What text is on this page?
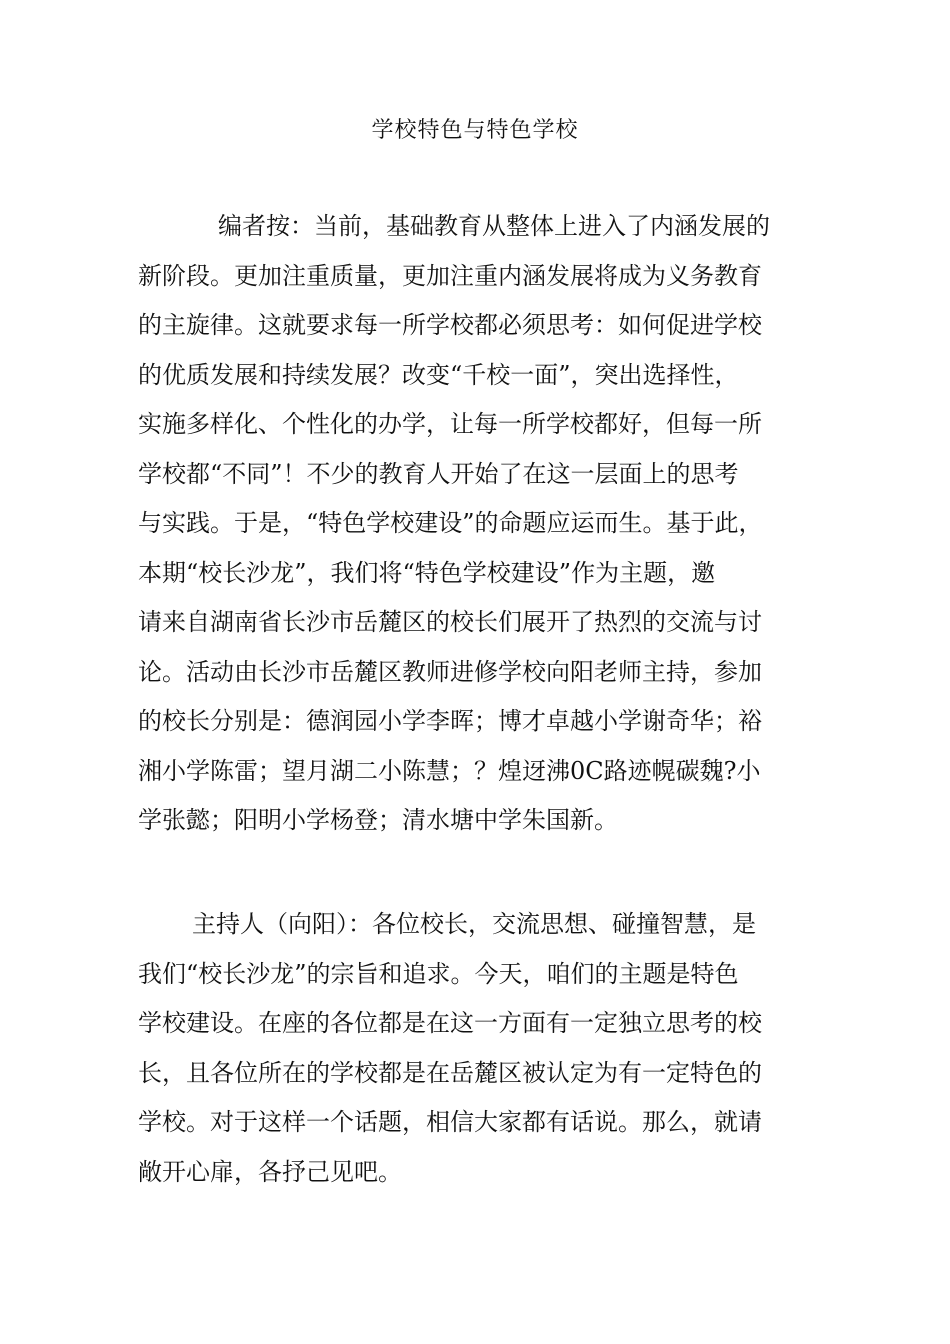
学校特色与特色学校
编者按：当前，基础教育从整体上进入了内涵发展的
新阶段。更加注重质量，更加注重内涵发展将成为义务教育
的主旋律。这就要求每一所学校都必须思考：如何促进学校
的优质发展和持续发展？改变“千校一面”，突出选择性，
实施多样化、个性化的办学，让每一所学校都好，但每一所
学校都“不同”！不少的教育人开始了在这一层面上的思考
与实践。于是，“特色学校建设”的命题应运而生。基于此，
本期“校长沙龙”，我们将“特色学校建设”作为主题，邀
请来自湖南省长沙市岳麓区的校长们展开了热烈的交流与讨
论。活动由长沙市岳麓区教师进修学校向阳老师主持，参加
的校长分别是：德润园小学李晖；博才卓越小学谢奇华；裕
湘小学陈雷；望月湖二小陈慧；？煌迓沸0C路迹幌碳魏?小
学张懿；阳明小学杨登；清水塘中学朱国新。
主持人（向阳）：各位校长，交流思想、碰撞智慧，是
我们“校长沙龙”的宗旨和追求。今天，咱们的主题是特色
学校建设。在座的各位都是在这一方面有一定独立思考的校
长，且各位所在的学校都是在岳麓区被认定为有一定特色的
学校。对于这样一个话题，相信大家都有话说。那么，就请
敞开心扉，各抒己见吧。
